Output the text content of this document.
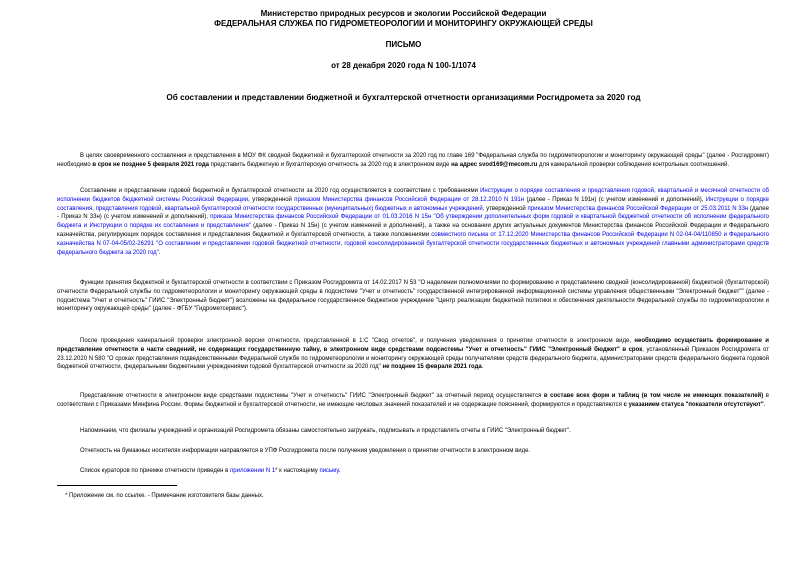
Министерство природных ресурсов и экологии Российской Федерации
ФЕДЕРАЛЬНАЯ СЛУЖБА ПО ГИДРОМЕТЕОРОЛОГИИ И МОНИТОРИНГУ ОКРУЖАЮЩЕЙ СРЕДЫ
ПИСЬМО
от 28 декабря 2020 года N 100-1/1074
Об составлении и представлении бюджетной и бухгалтерской отчетности организациями Росгидромета за 2020 год
В целях своевременного составления и представления в МОУ ФК сводной бюджетной и бухгалтерской отчетности за 2020 год по главе 169 "Федеральная служба по гидрометеорологии и мониторингу окружающей среды" (далее - Росгидромет) необходимо в срок не позднее 5 февраля 2021 года представить бюджетную и бухгалтерскую отчетность за 2020 год в электронном виде на адрес svod169@mecom.ru для камеральной проверки соблюдения контрольных соотношений.
Составление и представление годовой бюджетной и бухгалтерской отчетности за 2020 год осуществляется в соответствии с требованиями Инструкции о порядке составления и представления годовой, квартальной и месячной отчетности об исполнении бюджетов бюджетной системы Российской Федерации, утвержденной приказом Министерства финансов Российской Федерации от 28.12.2010 N 191н (далее - Приказ N 191н) (с учетом изменений и дополнений), Инструкции о порядке составления, представления годовой, квартальной бухгалтерской отчетности государственных (муниципальных) бюджетных и автономных учреждений, утвержденной приказом Министерства финансов Российской Федерации от 25.03.2011 N 33н (далее - Приказ N 33н) (с учетом изменений и дополнений), приказа Министерства финансов Российской Федерации от 01.03.2016 N 15н "Об утверждении дополнительных форм годовой и квартальной бюджетной отчетности об исполнении федерального бюджета и Инструкции о порядке их составления и представления" (далее - Приказ N 15н) (с учетом изменений и дополнений), а также на основании других актуальных документов Министерства финансов Российской Федерации и Федерального казначейства, регулирующих порядок составления и представления бюджетной и бухгалтерской отчетности, а также положениями совместного письма от 17.12.2020 Министерства финансов Российской Федерации N 02-04-04/110850 и Федерального казначейства N 07-04-05/02-26291 "О составлении и представлении годовой бюджетной отчетности, годовой консолидированной бухгалтерской отчетности государственных бюджетных и автономных учреждений главными администраторами средств федерального бюджета за 2020 год".
Функции принятия бюджетной и бухгалтерской отчетности в соответствии с Приказом Росгидромета от 14.02.2017 N 53 "О наделении полномочиями по формированию и представлению сводной (консолидированной) бюджетной (бухгалтерской) отчетности Федеральной службы по гидрометеорологии и мониторингу окружающей среды в подсистеме "Учет и отчетность" государственной интегрированной информационной системы управления общественными "Электронный бюджет"" (далее - подсистема "Учет и отчетность" ГИИС "Электронный бюджет") возложены на федеральное государственное бюджетное учреждение "Центр реализации бюджетной политики и обеспечения деятельности Федеральной службы по гидрометеорологии и мониторингу окружающей среды" (далее - ФГБУ "Гидрометсервис").
После проведения камеральной проверки электронной версии отчетности, представленной в 1:С "Свод отчетов", и получения уведомления о принятии отчетности в электронном виде, необходимо осуществить формирование и представление отчетности в части сведений, не содержащих государственную тайну, в электронном виде средствами подсистемы "Учет и отчетность" ГИИС "Электронный бюджет" в срок, установленный Приказом Росгидромета от 23.12.2020 N 580 "О сроках представления подведомственными Федеральной службе по гидрометеорологии и мониторингу окружающей среды получателями средств федерального бюджета, администраторами средств федерального бюджета годовой бюджетной отчетности, федеральными бюджетными учреждениями годовой бухгалтерской отчетности за 2020 год" не позднее 15 февраля 2021 года.
Представление отчетности в электронном виде средствами подсистемы "Учет и отчетность" ГИИС "Электронный бюджет" за отчетный период осуществляется в составе всех форм и таблиц (в том числе не имеющих показателей) в соответствии с Приказами Минфина России. Формы бюджетной и бухгалтерской отчетности, не имеющие числовых значений показателей и не содержащие пояснений, формируются и представляются с указанием статуса "показатели отсутствуют".
Напоминаем, что филиалы учреждений и организаций Росгидромета обязаны самостоятельно загружать, подписывать и представлять отчеты в ГИИС "Электронный бюджет".
Отчетность на бумажных носителях информации направляется в УПФ Росгидромета после получения уведомления о принятии отчетности в электронном виде.
Список кураторов по приемке отчетности приведен в приложении N 1* к настоящему письму.
* Приложение см. по ссылке. - Примечание изготовителя базы данных.
